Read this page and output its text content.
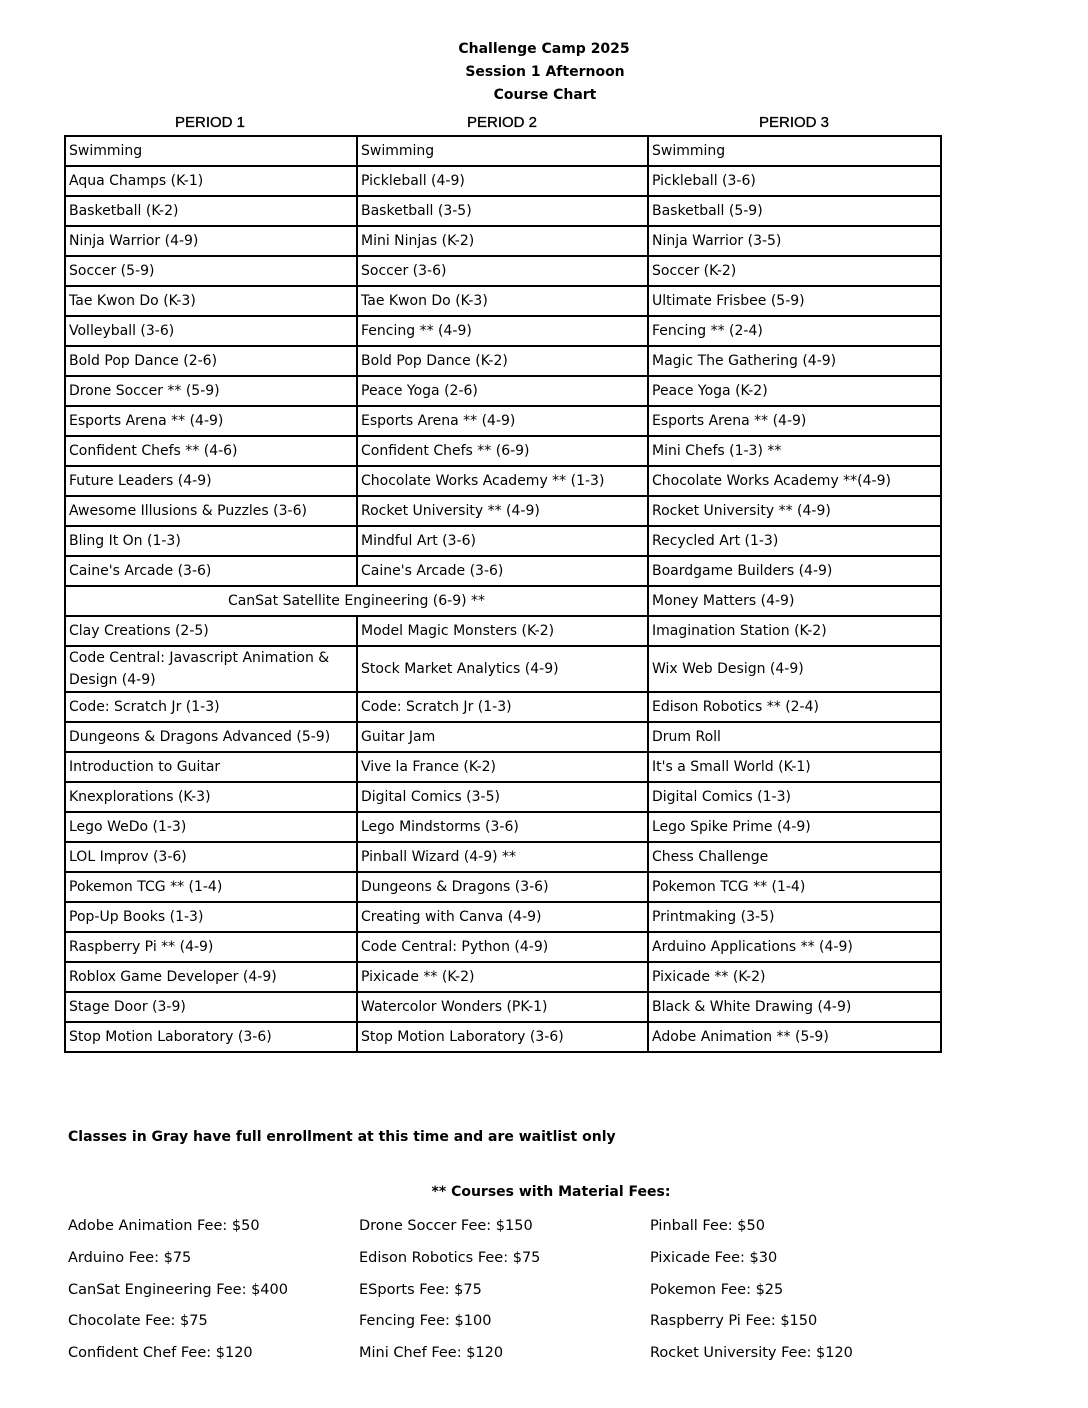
Challenge Camp 2025
Session 1 Afternoon
Course Chart
PERIOD 1	PERIOD 2	PERIOD 3
Swimming	Swimming	Swimming
Aqua Champs (K-1)	Pickleball (4-9)	Pickleball (3-6)
Basketball (K-2)	Basketball (3-5)	Basketball (5-9)
Ninja Warrior (4-9)	Mini Ninjas (K-2)	Ninja Warrior (3-5)
Soccer (5-9)	Soccer (3-6)	Soccer (K-2)
Tae Kwon Do (K-3)	Tae Kwon Do (K-3)	Ultimate Frisbee (5-9)
Volleyball (3-6)	Fencing ** (4-9)	Fencing ** (2-4)
Bold Pop Dance (2-6)	Bold Pop Dance (K-2)	Magic The Gathering (4-9)
Drone Soccer ** (5-9)	Peace Yoga (2-6)	Peace Yoga (K-2)
Esports Arena ** (4-9)	Esports Arena ** (4-9)	Esports Arena ** (4-9)
Confident Chefs ** (4-6)	Confident Chefs ** (6-9)	Mini Chefs (1-3) **
Future Leaders (4-9)	Chocolate Works Academy ** (1-3)	Chocolate Works Academy **(4-9)
Awesome Illusions & Puzzles (3-6)	Rocket University ** (4-9)	Rocket University ** (4-9)
Bling It On (1-3)	Mindful Art (3-6)	Recycled Art (1-3)
Caine's Arcade (3-6)	Caine's Arcade (3-6)	Boardgame Builders (4-9)
CanSat Satellite Engineering (6-9) **		Money Matters (4-9)
Clay Creations (2-5)	Model Magic Monsters (K-2)	Imagination Station (K-2)
Code Central: Javascript Animation & Design (4-9)	Stock Market Analytics (4-9)	Wix Web Design (4-9)
Code: Scratch Jr (1-3)	Code: Scratch Jr (1-3)	Edison Robotics ** (2-4)
Dungeons & Dragons Advanced (5-9)	Guitar Jam	Drum Roll
Introduction to Guitar	Vive la France (K-2)	It's a Small World (K-1)
Knexplorations (K-3)	Digital Comics (3-5)	Digital Comics (1-3)
Lego WeDo (1-3)	Lego Mindstorms (3-6)	Lego Spike Prime (4-9)
LOL Improv (3-6)	Pinball Wizard (4-9) **	Chess Challenge
Pokemon TCG ** (1-4)	Dungeons & Dragons (3-6)	Pokemon TCG ** (1-4)
Pop-Up Books (1-3)	Creating with Canva (4-9)	Printmaking (3-5)
Raspberry Pi ** (4-9)	Code Central: Python (4-9)	Arduino Applications ** (4-9)
Roblox Game Developer (4-9)	Pixicade ** (K-2)	Pixicade ** (K-2)
Stage Door (3-9)	Watercolor Wonders (PK-1)	Black & White Drawing (4-9)
Stop Motion Laboratory (3-6)	Stop Motion Laboratory (3-6)	Adobe Animation ** (5-9)
Classes in Gray have full enrollment at this time and are waitlist only
** Courses with Material Fees:
Adobe Animation Fee: $50
Arduino Fee: $75
CanSat Engineering Fee: $400
Chocolate Fee: $75
Confident Chef Fee: $120
Drone Soccer Fee: $150
Edison Robotics Fee: $75
ESports Fee: $75
Fencing Fee: $100
Mini Chef Fee: $120
Pinball Fee: $50
Pixicade Fee: $30
Pokemon Fee: $25
Raspberry Pi Fee: $150
Rocket University Fee: $120
